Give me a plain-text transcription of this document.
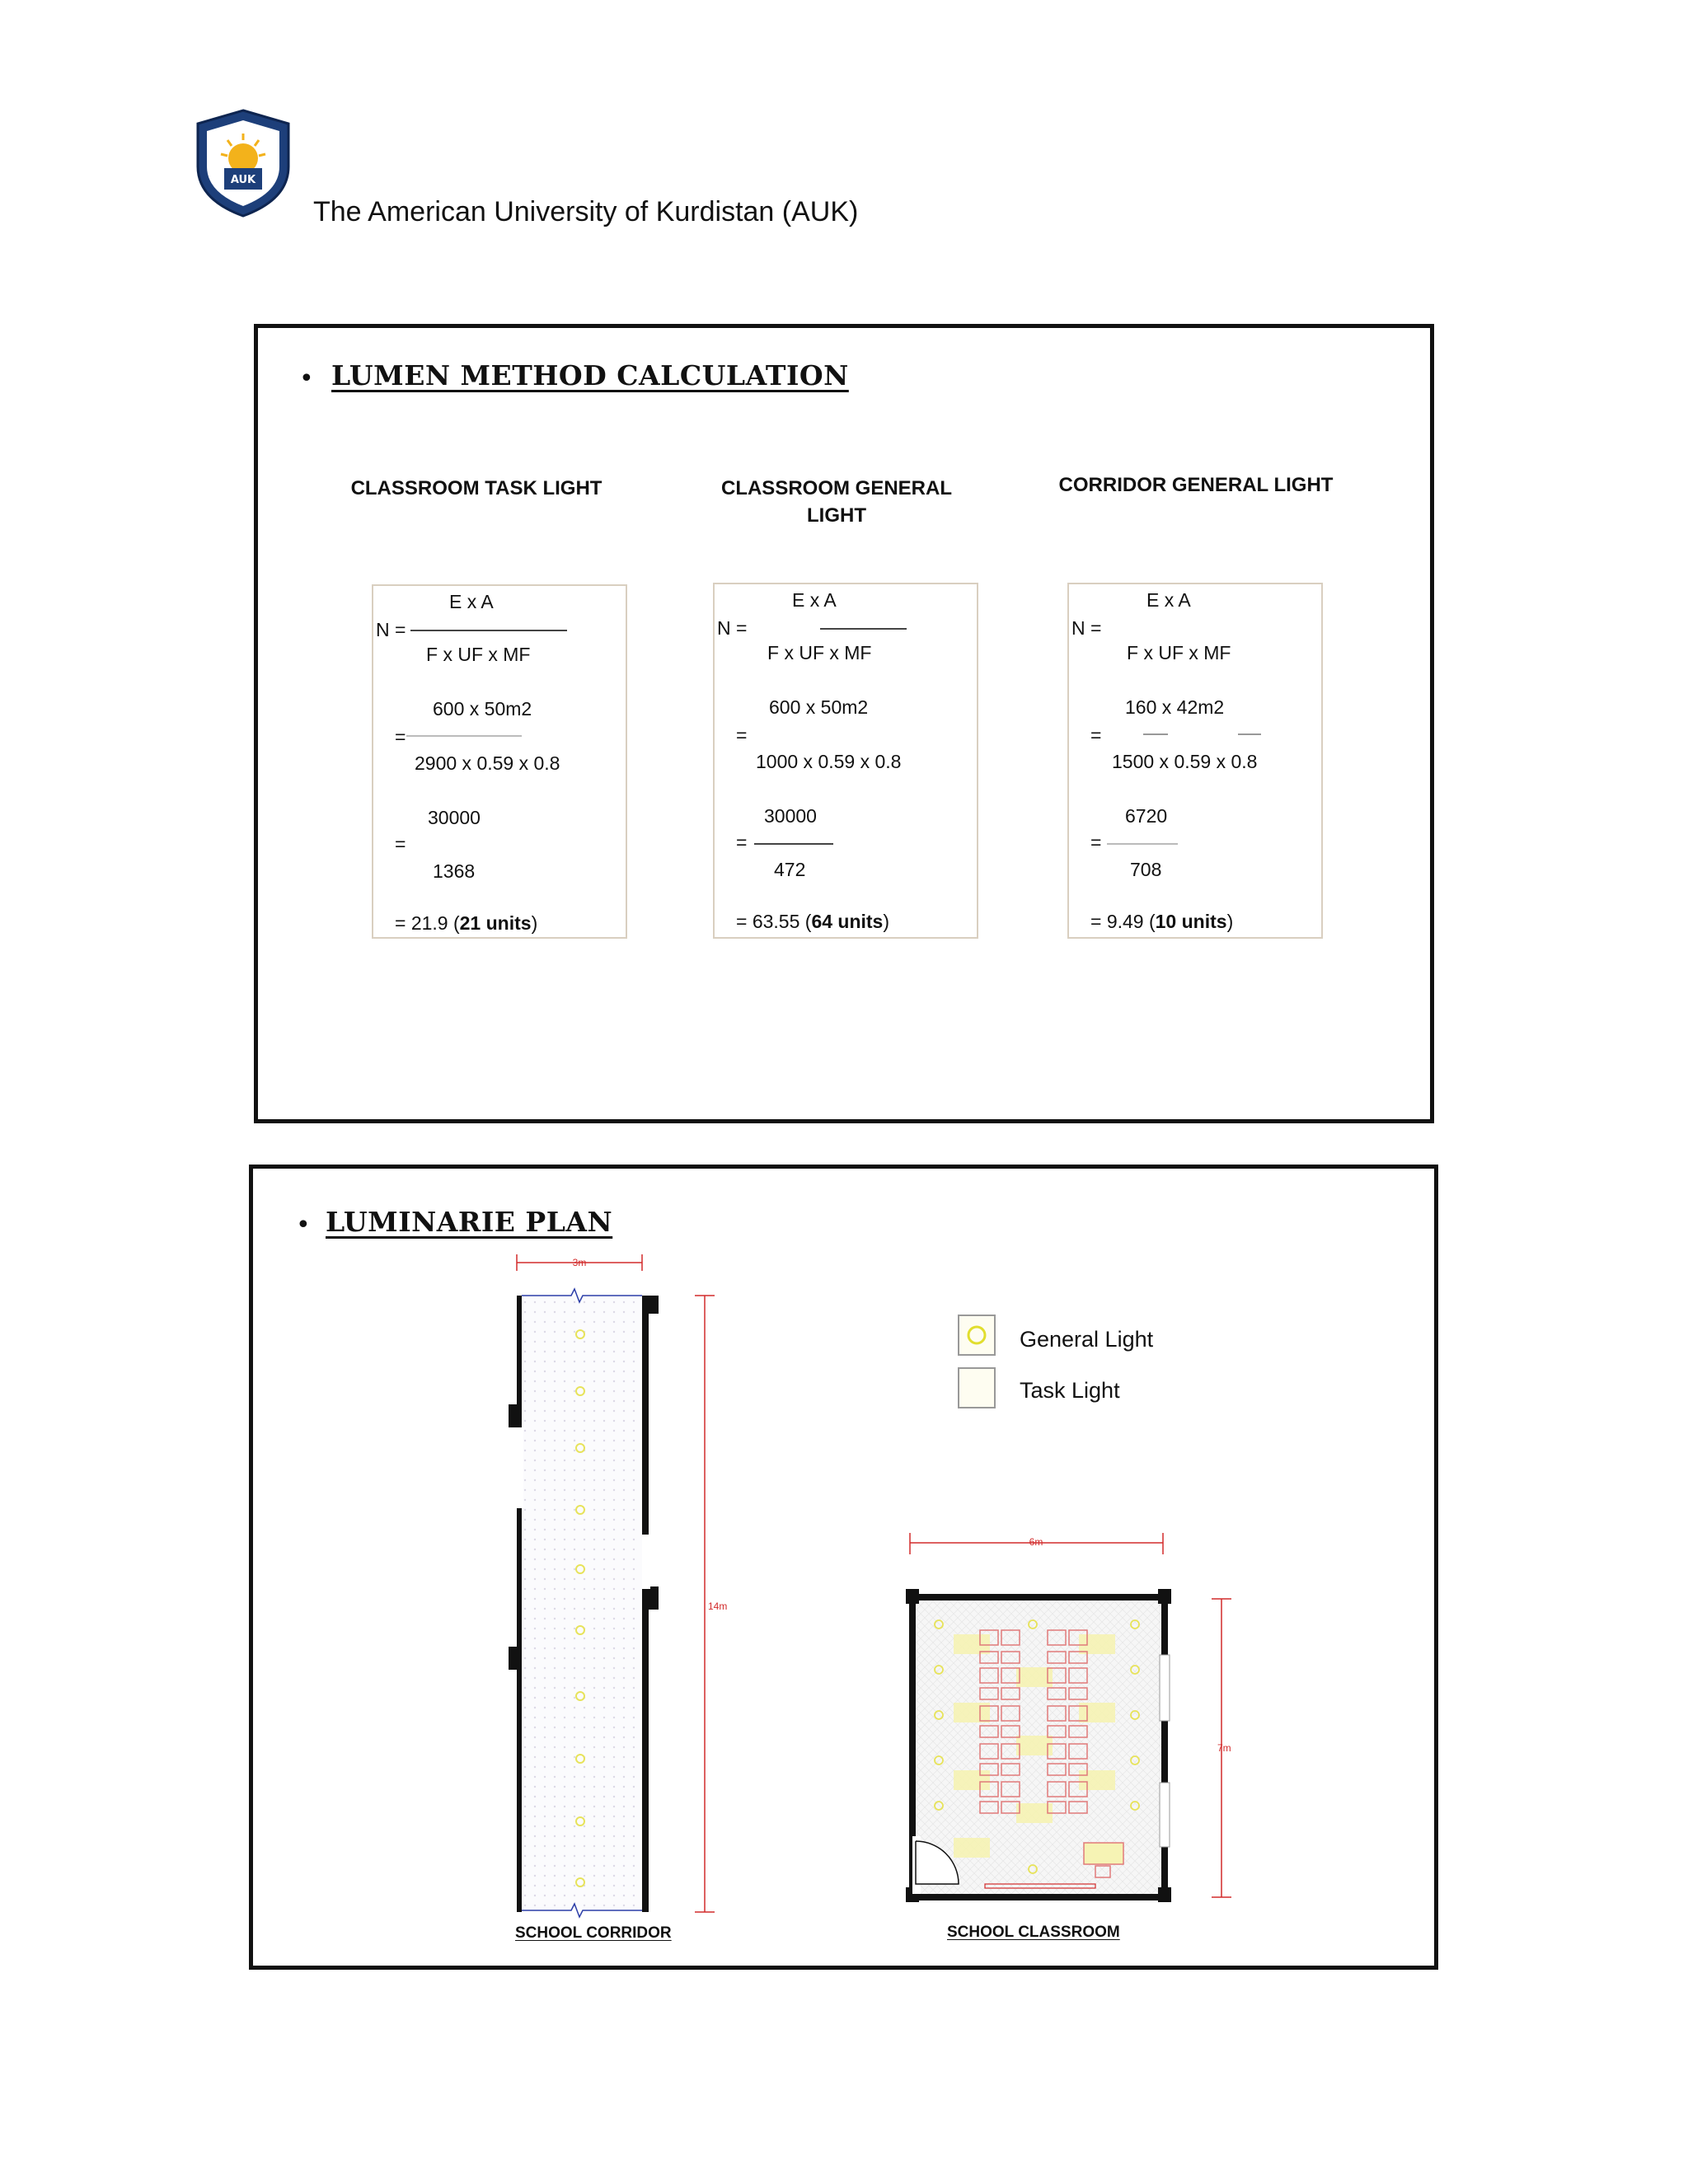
AUK
The American University of Kurdistan (AUK)
• LUMEN METHOD CALCULATION
CLASSROOM TASK LIGHT
E x A
N =
F x UF x MF
600 x 50m2
=
2900 x 0.59 x 0.8
30000
=
1368
= 21.9 (21 units)
CLASSROOM GENERAL
LIGHT
E x A
N =
F x UF x MF
600 x 50m2
=
1000 x 0.59 x 0.8
30000
=
472
= 63.55 (64 units)
CORRIDOR GENERAL LIGHT
E x A
N =
F x UF x MF
160 x 42m2
=
1500 x 0.59 x 0.8
6720
=
708
= 9.49 (10 units)
• LUMINARIE PLAN
General Light
Task Light
3m
14m
6m
7m
SCHOOL CORRIDOR	SCHOOL CLASSROOM
